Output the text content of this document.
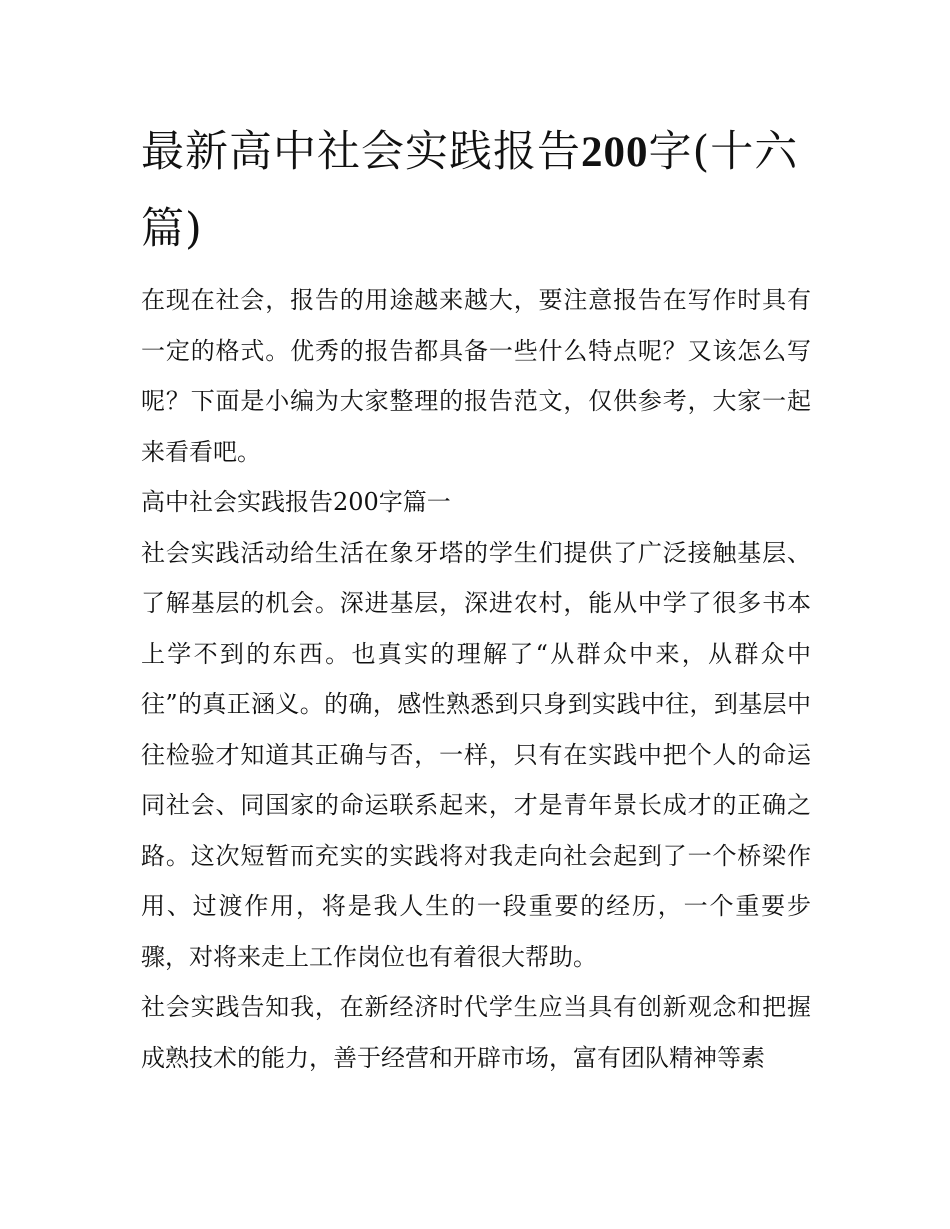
最新高中社会实践报告200字(十六篇)

在现在社会，报告的用途越来越大，要注意报告在写作时具有一定的格式。优秀的报告都具备一些什么特点呢？又该怎么写呢？下面是小编为大家整理的报告范文，仅供参考，大家一起来看看吧。

高中社会实践报告200字篇一

社会实践活动给生活在象牙塔的学生们提供了广泛接触基层、了解基层的机会。深进基层，深进农村，能从中学了很多书本上学不到的东西。也真实的理解了“从群众中来，从群众中往”的真正涵义。的确，感性熟悉到只身到实践中往，到基层中往检验才知道其正确与否，一样，只有在实践中把个人的命运同社会、同国家的命运联系起来，才是青年景长成才的正确之路。这次短暂而充实的实践将对我走向社会起到了一个桥梁作用、过渡作用，将是我人生的一段重要的经历，一个重要步骤，对将来走上工作岗位也有着很大帮助。

社会实践告知我，在新经济时代学生应当具有创新观念和把握成熟技术的能力，善于经营和开辟市场，富有团队精神等素
